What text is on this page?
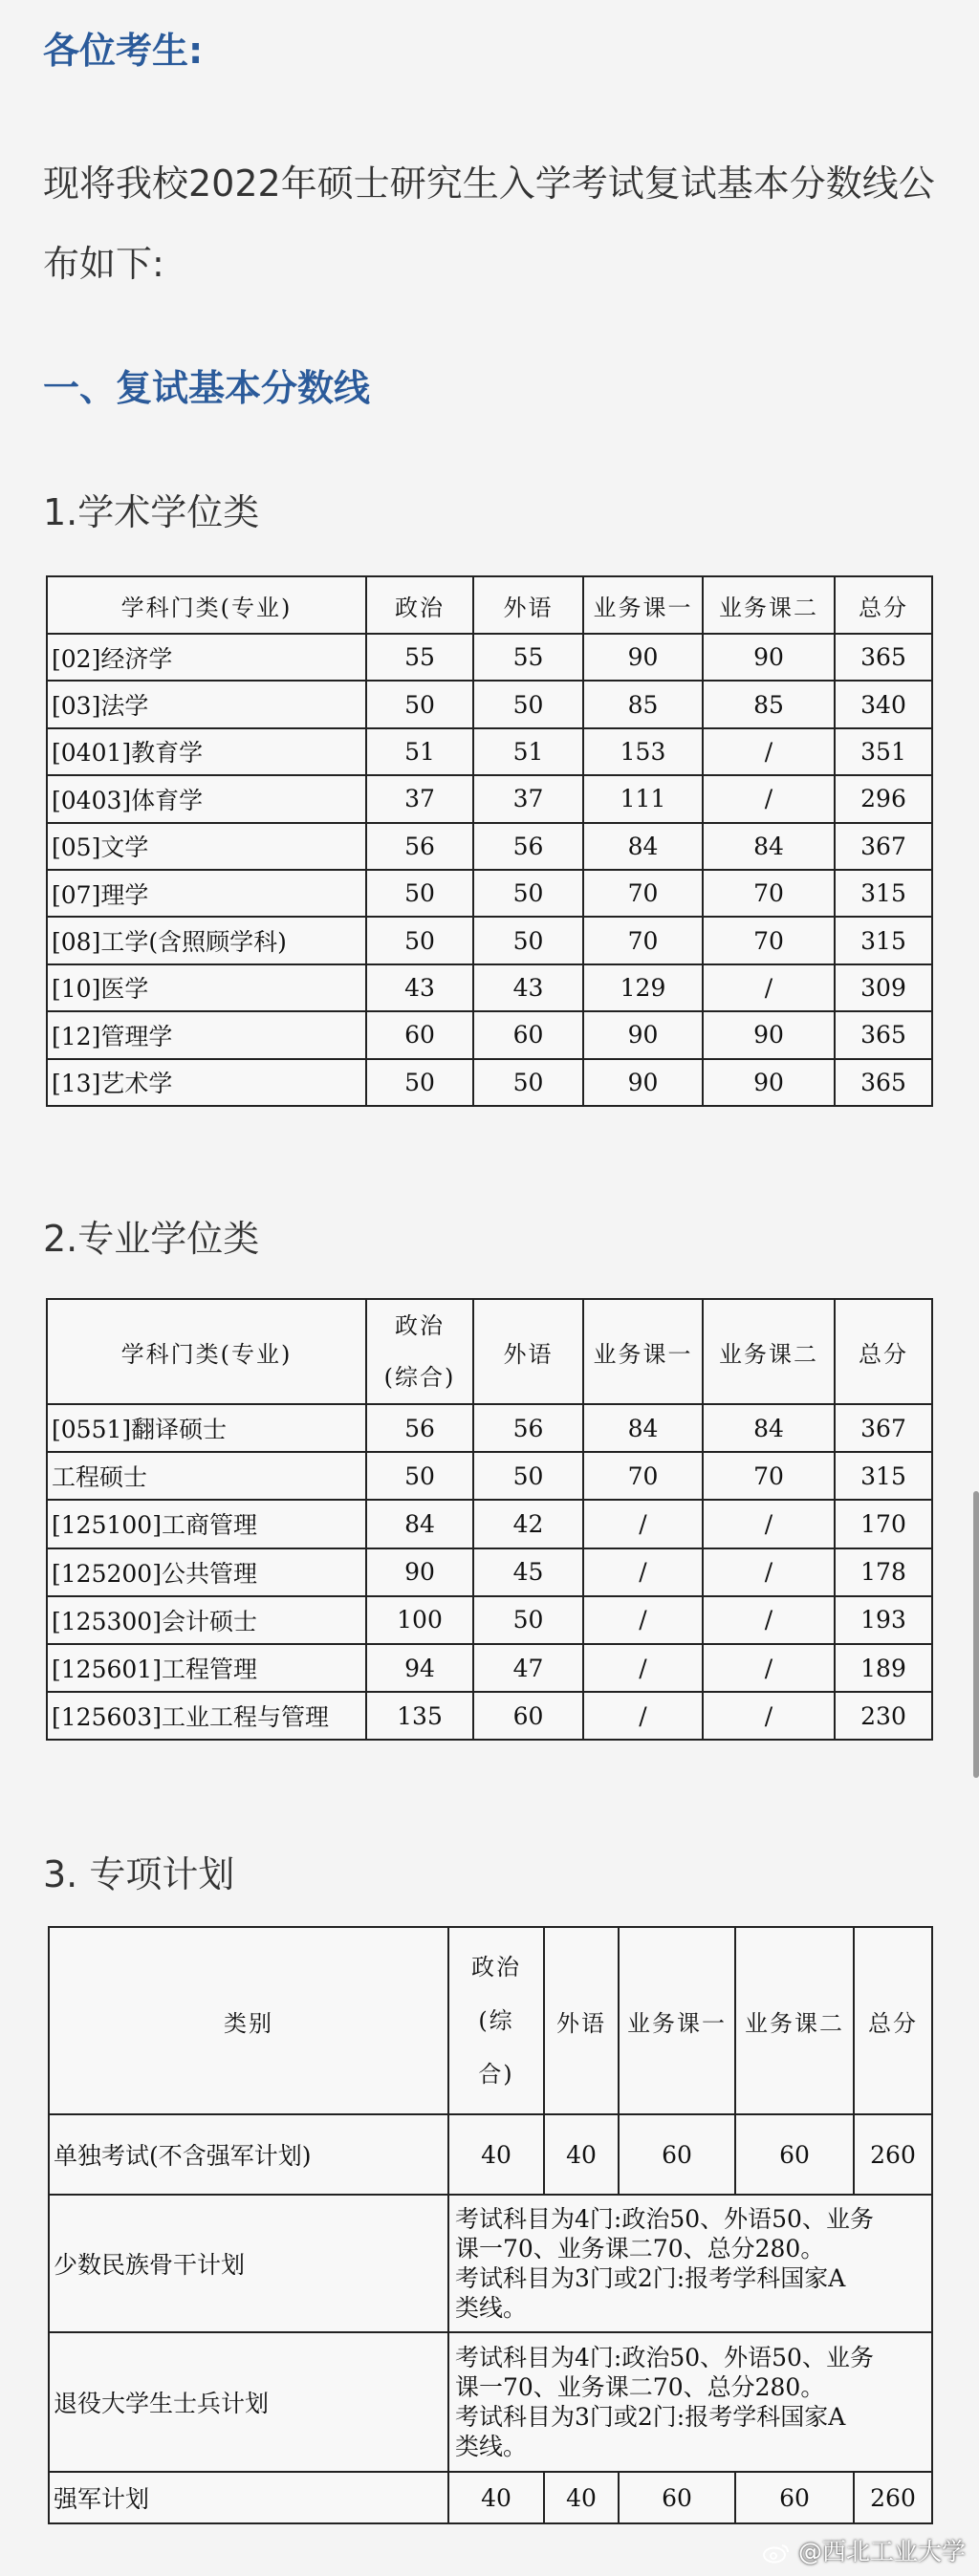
各位考生:
现将我校2022年硕士研究生入学考试复试基本分数线公布如下:
一、复试基本分数线
1.学术学位类
学科门类(专业)	政治	外语	业务课一	业务课二	总分
[02]经济学	55	55	90	90	365
[03]法学	50	50	85	85	340
[0401]教育学	51	51	153	/	351
[0403]体育学	37	37	111	/	296
[05]文学	56	56	84	84	367
[07]理学	50	50	70	70	315
[08]工学(含照顾学科)	50	50	70	70	315
[10]医学	43	43	129	/	309
[12]管理学	60	60	90	90	365
[13]艺术学	50	50	90	90	365
2.专业学位类
学科门类(专业)	政治
(综合)	外语	业务课一	业务课二	总分
[0551]翻译硕士	56	56	84	84	367
工程硕士	50	50	70	70	315
[125100]工商管理	84	42	/	/	170
[125200]公共管理	90	45	/	/	178
[125300]会计硕士	100	50	/	/	193
[125601]工程管理	94	47	/	/	189
[125603]工业工程与管理	135	60	/	/	230
3. 专项计划
类别	政治
(综
合)	外语	业务课一	业务课二	总分
单独考试(不含强军计划)	40	40	60	60	260
少数民族骨干计划	考试科目为4门:政治50、外语50、业务
课一70、业务课二70、总分280。
考试科目为3门或2门:报考学科国家A
类线。				

退役大学生士兵计划	考试科目为4门:政治50、外语50、业务
课一70、业务课二70、总分280。
考试科目为3门或2门:报考学科国家A
类线。				

强军计划	40	40	60	60	260
@西北工业大学
